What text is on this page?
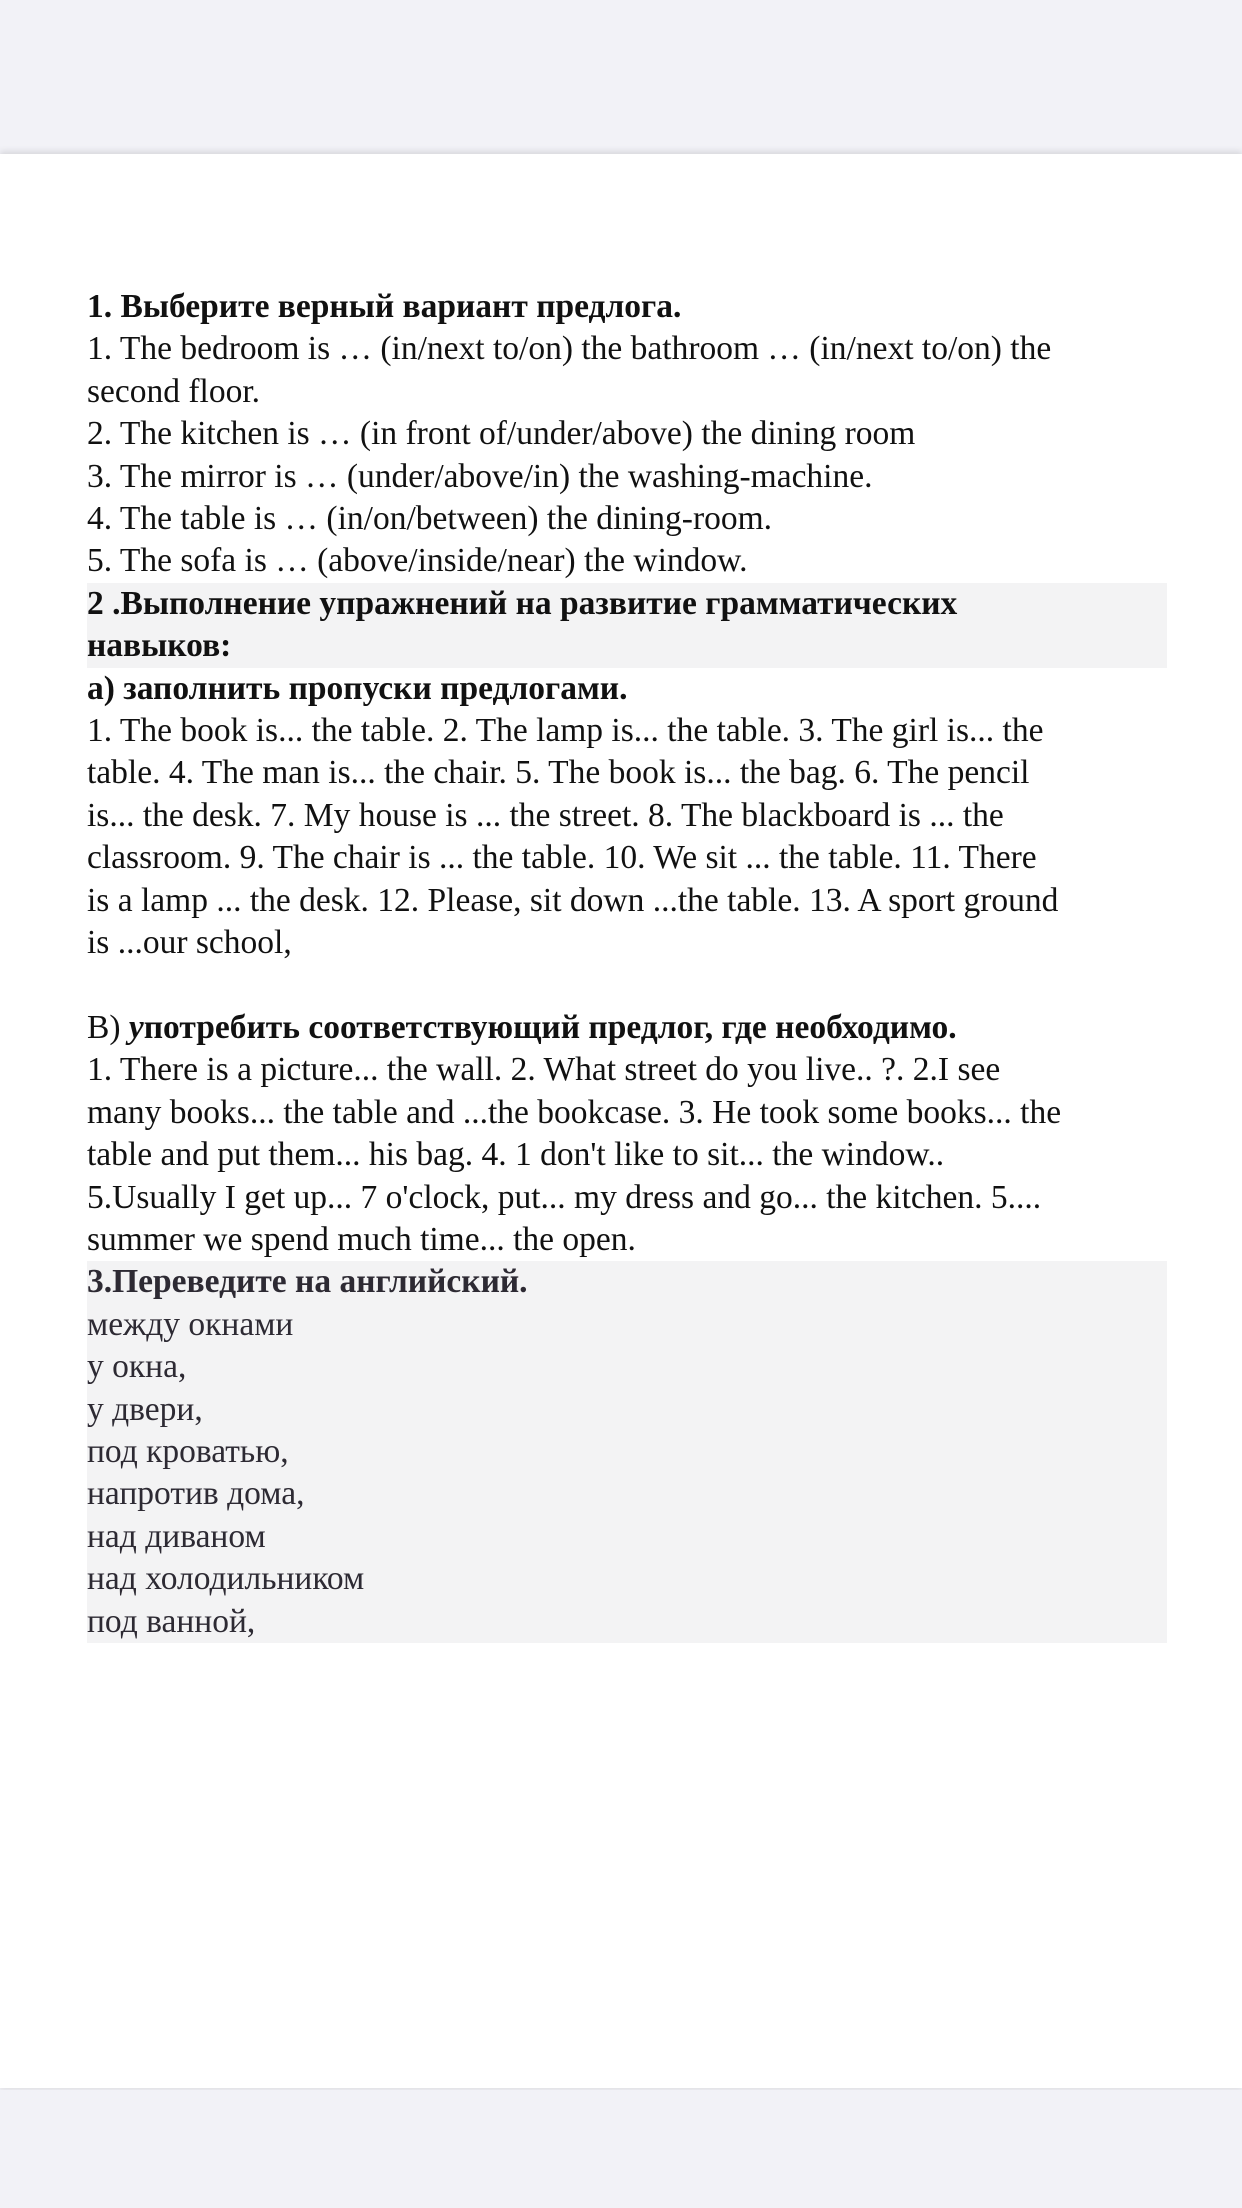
1. Выберите верный вариант предлога.
1. The bedroom is … (in/next to/on) the bathroom … (in/next to/on) the
second floor.
2. The kitchen is … (in front of/under/above) the dining room
3. The mirror is … (under/above/in) the washing-machine.
4. The table is … (in/on/between) the dining-room.
5. The sofa is … (above/inside/near) the window.
2 .Выполнение упражнений на развитие грамматических
навыков:
а) заполнить пропуски предлогами.
1. The book is... the table. 2. The lamp is... the table. 3. The girl is... the
table. 4. The man is... the chair. 5. The book is... the bag. 6. The pencil
is... the desk. 7. My house is ... the street. 8. The blackboard is ... the
classroom. 9. The chair is ... the table. 10. We sit ... the table. 11. There
is a lamp ... the desk. 12. Please, sit down ...the table. 13. A sport ground
is ...our school,
В) употребить соответствующий предлог, где необходимо.
1. There is a picture... the wall. 2. What street do you live.. ?. 2.I see
many books... the table and ...the bookcase. 3. He took some books... the
table and put them... his bag. 4. 1 don't like to sit... the window..
5.Usually I get up... 7 o'clock, put... my dress and go... the kitchen. 5....
summer we spend much time... the open.
3.Переведите на английский.
между окнами
у окна,
у двери,
под кроватью,
напротив дома,
над диваном
над холодильником
под ванной,
